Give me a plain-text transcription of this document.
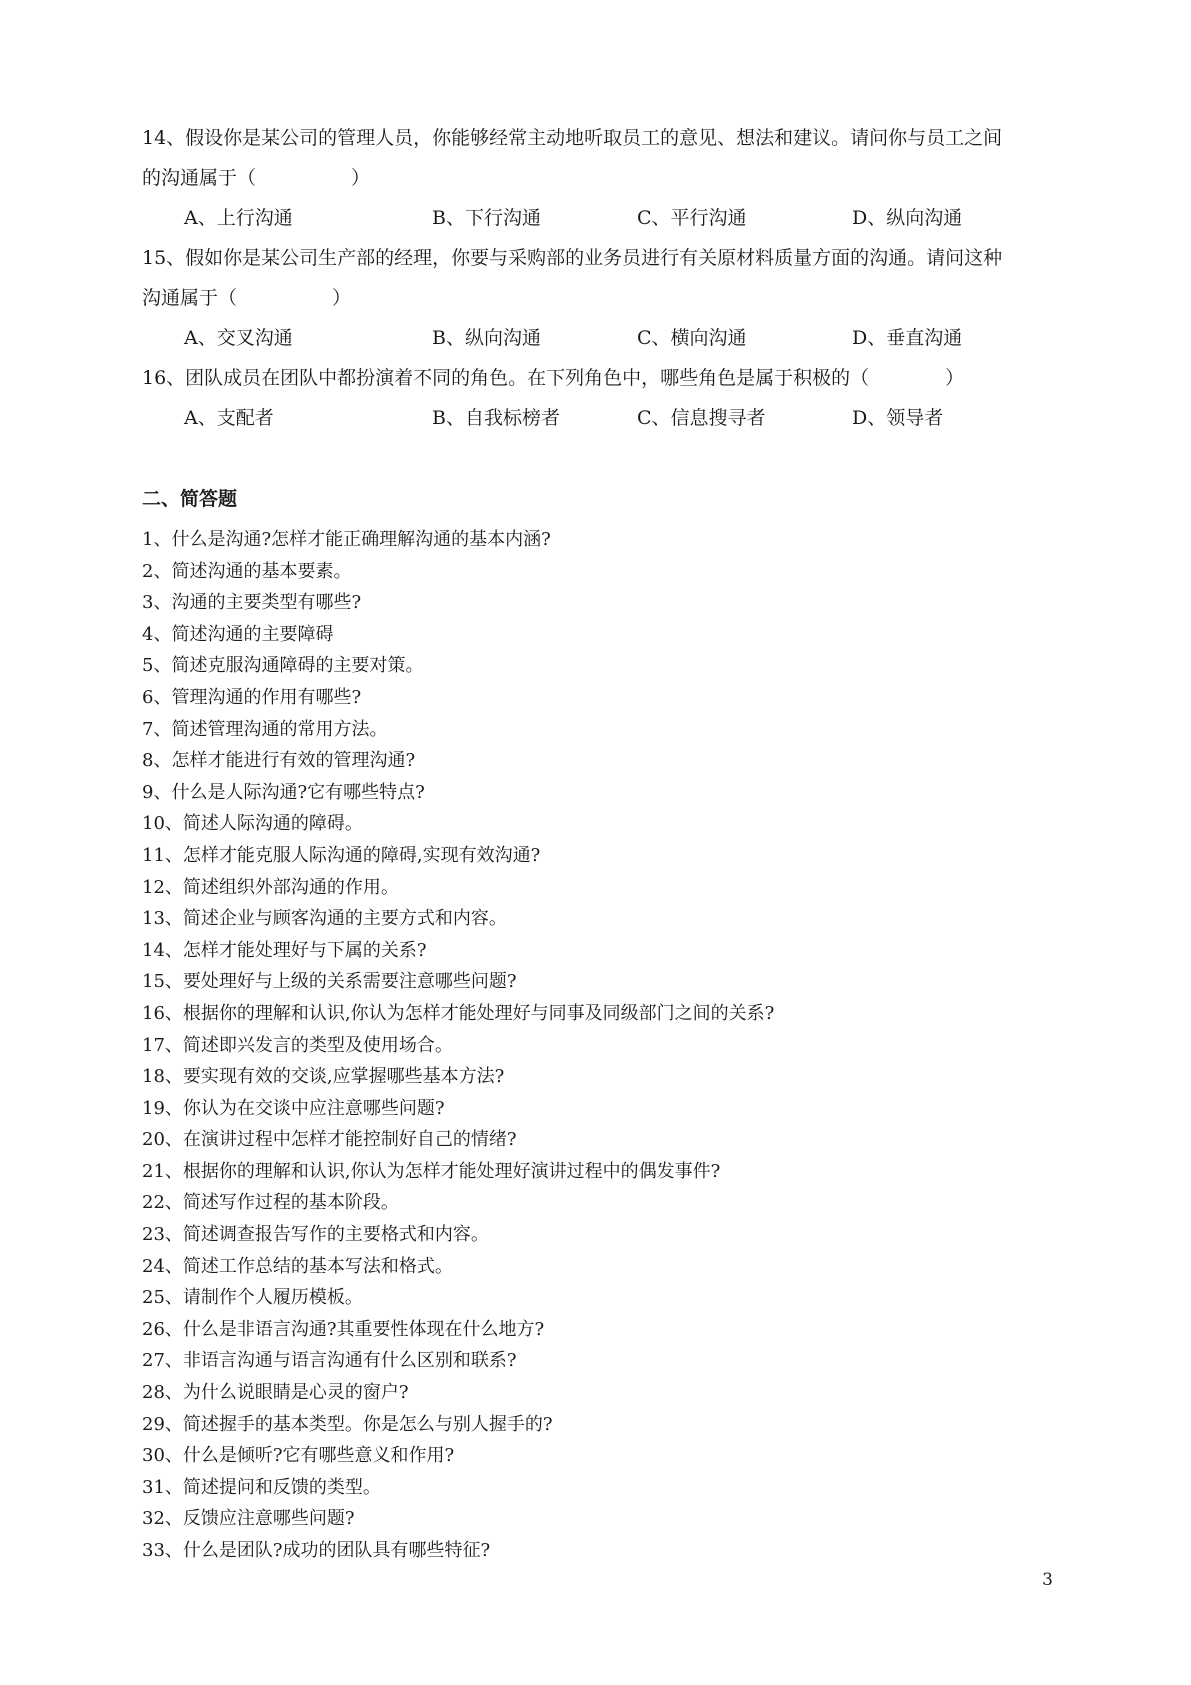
14、假设你是某公司的管理人员，你能够经常主动地听取员工的意见、想法和建议。请问你与员工之间
的沟通属于（　　　　　）
A、上行沟通	B、下行沟通	C、平行沟通	D、纵向沟通
15、假如你是某公司生产部的经理，你要与采购部的业务员进行有关原材料质量方面的沟通。请问这种
沟通属于（　　　　　）
A、交叉沟通	B、纵向沟通	C、横向沟通	D、垂直沟通
16、团队成员在团队中都扮演着不同的角色。在下列角色中，哪些角色是属于积极的（　　　　）
A、支配者	B、自我标榜者	C、信息搜寻者	D、领导者
二、简答题
1、什么是沟通?怎样才能正确理解沟通的基本内涵?
2、简述沟通的基本要素。
3、沟通的主要类型有哪些?
4、简述沟通的主要障碍
5、简述克服沟通障碍的主要对策。
6、管理沟通的作用有哪些?
7、简述管理沟通的常用方法。
8、怎样才能进行有效的管理沟通?
9、什么是人际沟通?它有哪些特点?
10、简述人际沟通的障碍。
11、怎样才能克服人际沟通的障碍,实现有效沟通?
12、简述组织外部沟通的作用。
13、简述企业与顾客沟通的主要方式和内容。
14、怎样才能处理好与下属的关系?
15、要处理好与上级的关系需要注意哪些问题?
16、根据你的理解和认识,你认为怎样才能处理好与同事及同级部门之间的关系?
17、简述即兴发言的类型及使用场合。
18、要实现有效的交谈,应掌握哪些基本方法?
19、你认为在交谈中应注意哪些问题?
20、在演讲过程中怎样才能控制好自己的情绪?
21、根据你的理解和认识,你认为怎样才能处理好演讲过程中的偶发事件?
22、简述写作过程的基本阶段。
23、简述调查报告写作的主要格式和内容。
24、简述工作总结的基本写法和格式。
25、请制作个人履历模板。
26、什么是非语言沟通?其重要性体现在什么地方?
27、非语言沟通与语言沟通有什么区别和联系?
28、为什么说眼睛是心灵的窗户?
29、简述握手的基本类型。你是怎么与别人握手的?
30、什么是倾听?它有哪些意义和作用?
31、简述提问和反馈的类型。
32、反馈应注意哪些问题?
33、什么是团队?成功的团队具有哪些特征?
3
